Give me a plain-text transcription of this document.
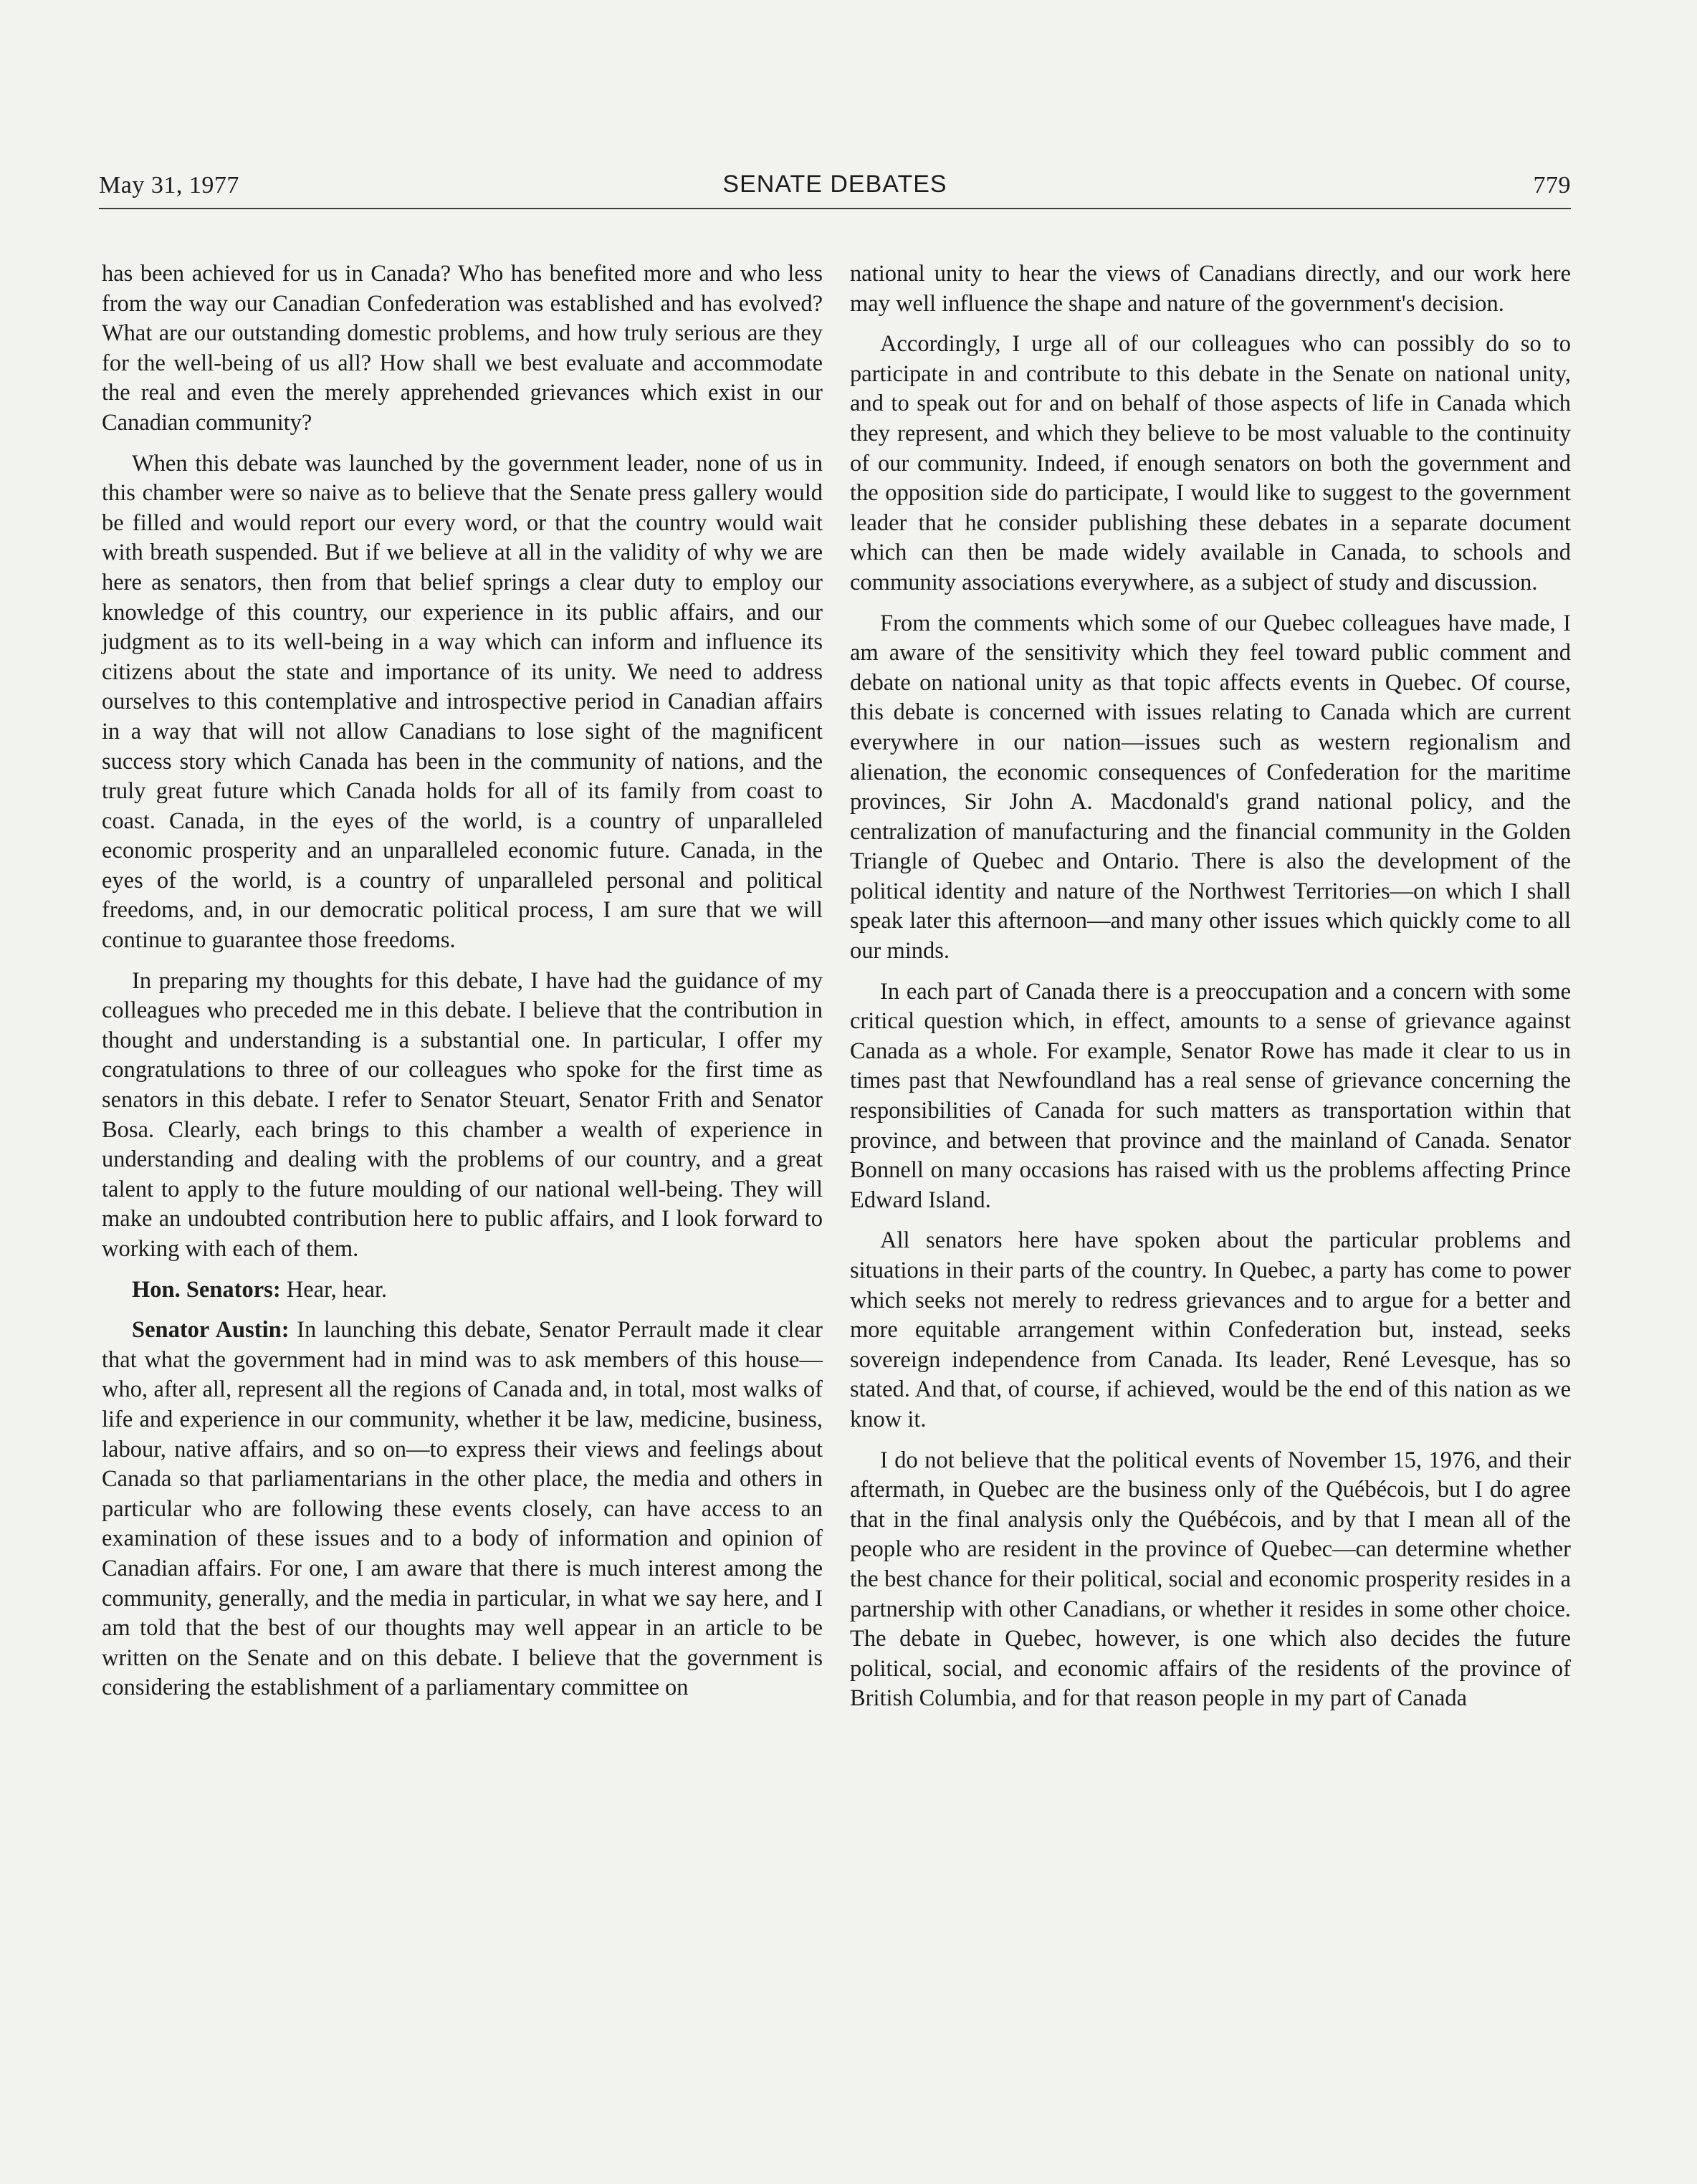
May 31, 1977	SENATE DEBATES	779

has been achieved for us in Canada? Who has benefited more and who less from the way our Canadian Confederation was established and has evolved? What are our outstanding domestic problems, and how truly serious are they for the well-being of us all? How shall we best evaluate and accommodate the real and even the merely apprehended grievances which exist in our Canadian community?

When this debate was launched by the government leader, none of us in this chamber were so naive as to believe that the Senate press gallery would be filled and would report our every word, or that the country would wait with breath suspended. But if we believe at all in the validity of why we are here as senators, then from that belief springs a clear duty to employ our knowledge of this country, our experience in its public affairs, and our judgment as to its well-being in a way which can inform and influence its citizens about the state and importance of its unity. We need to address ourselves to this contemplative and introspective period in Canadian affairs in a way that will not allow Canadians to lose sight of the magnificent success story which Canada has been in the community of nations, and the truly great future which Canada holds for all of its family from coast to coast. Canada, in the eyes of the world, is a country of unparalleled economic prosperity and an unparalleled economic future. Canada, in the eyes of the world, is a country of unparalleled personal and political freedoms, and, in our democratic political process, I am sure that we will continue to guarantee those freedoms.

In preparing my thoughts for this debate, I have had the guidance of my colleagues who preceded me in this debate. I believe that the contribution in thought and understanding is a substantial one. In particular, I offer my congratulations to three of our colleagues who spoke for the first time as senators in this debate. I refer to Senator Steuart, Senator Frith and Senator Bosa. Clearly, each brings to this chamber a wealth of experience in understanding and dealing with the problems of our country, and a great talent to apply to the future moulding of our national well-being. They will make an undoubted contribution here to public affairs, and I look forward to working with each of them.

Hon. Senators: Hear, hear.

Senator Austin: In launching this debate, Senator Perrault made it clear that what the government had in mind was to ask members of this house—who, after all, represent all the regions of Canada and, in total, most walks of life and experience in our community, whether it be law, medicine, business, labour, native affairs, and so on—to express their views and feelings about Canada so that parliamentarians in the other place, the media and others in particular who are following these events closely, can have access to an examination of these issues and to a body of information and opinion of Canadian affairs. For one, I am aware that there is much interest among the community, generally, and the media in particular, in what we say here, and I am told that the best of our thoughts may well appear in an article to be written on the Senate and on this debate. I believe that the government is considering the establishment of a parliamentary committee on

national unity to hear the views of Canadians directly, and our work here may well influence the shape and nature of the government's decision.

Accordingly, I urge all of our colleagues who can possibly do so to participate in and contribute to this debate in the Senate on national unity, and to speak out for and on behalf of those aspects of life in Canada which they represent, and which they believe to be most valuable to the continuity of our community. Indeed, if enough senators on both the government and the opposition side do participate, I would like to suggest to the government leader that he consider publishing these debates in a separate document which can then be made widely available in Canada, to schools and community associations everywhere, as a subject of study and discussion.

From the comments which some of our Quebec colleagues have made, I am aware of the sensitivity which they feel toward public comment and debate on national unity as that topic affects events in Quebec. Of course, this debate is concerned with issues relating to Canada which are current everywhere in our nation—issues such as western regionalism and alienation, the economic consequences of Confederation for the maritime provinces, Sir John A. Macdonald's grand national policy, and the centralization of manufacturing and the financial community in the Golden Triangle of Quebec and Ontario. There is also the development of the political identity and nature of the Northwest Territories—on which I shall speak later this afternoon—and many other issues which quickly come to all our minds.

In each part of Canada there is a preoccupation and a concern with some critical question which, in effect, amounts to a sense of grievance against Canada as a whole. For example, Senator Rowe has made it clear to us in times past that Newfoundland has a real sense of grievance concerning the responsibilities of Canada for such matters as transportation within that province, and between that province and the mainland of Canada. Senator Bonnell on many occasions has raised with us the problems affecting Prince Edward Island.

All senators here have spoken about the particular problems and situations in their parts of the country. In Quebec, a party has come to power which seeks not merely to redress grievances and to argue for a better and more equitable arrangement within Confederation but, instead, seeks sovereign independence from Canada. Its leader, René Levesque, has so stated. And that, of course, if achieved, would be the end of this nation as we know it.

I do not believe that the political events of November 15, 1976, and their aftermath, in Quebec are the business only of the Québécois, but I do agree that in the final analysis only the Québécois, and by that I mean all of the people who are resident in the province of Quebec—can determine whether the best chance for their political, social and economic prosperity resides in a partnership with other Canadians, or whether it resides in some other choice. The debate in Quebec, however, is one which also decides the future political, social, and economic affairs of the residents of the province of British Columbia, and for that reason people in my part of Canada
